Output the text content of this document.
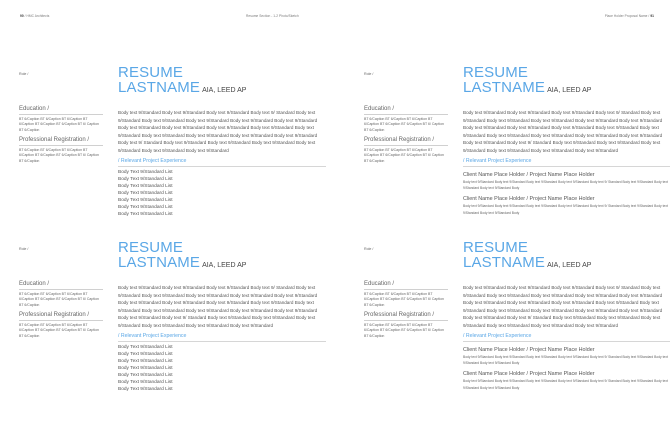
90 / HMC Architects	Resume Section - 1-2 Photo/Sketch	Place Holder Proposal Name / 91
Role /
Education /
BT 6/Caption BT 6/Caption BT 6/Caption BT 6/Caption BT 6/Caption BT 6/Caption BT 6/ Caption BT 6/Caption
Professional Registration /
BT 6/Caption BT 6/Caption BT 6/Caption BT 6/Caption BT 6/Caption BT 6/Caption BT 6/ Caption BT 6/Caption
RESUME
LASTNAME AIA, LEED AP
Body text 9/Standard Body text 9/Standard Body text 9/Standard Body text 9/ Standard Body text 9/Standard Body text 9/Standard Body text 9/Standard Body text 9/Standard Body text 9/Standard Body text 9/Standard Body text 9/Standard Body text 9/Standard Body text 9/Standard Body text 9/Standard Body text 9/Standard Body text 9/Standard Body text 9/Standard Body text 9/Standard Body text 9/ Standard Body text 9/Standard Body text 9/Standard Body text 9/Standard Body text 9/Standard Body text 9/Standard Body text 9/Standard
/ Relevant Project Experience
Body Text 9/Standard List
Body Text 9/Standard List
Body Text 9/Standard List
Body Text 9/Standard List
Body Text 9/Standard List
Body Text 9/Standard List
Body Text 9/Standard List
Role /
Education /
BT 6/Caption BT 6/Caption BT 6/Caption BT 6/Caption BT 6/Caption BT 6/Caption BT 6/ Caption BT 6/Caption
Professional Registration /
BT 6/Caption BT 6/Caption BT 6/Caption BT 6/Caption BT 6/Caption BT 6/Caption BT 6/ Caption BT 6/Caption
RESUME
LASTNAME AIA, LEED AP
Body text 9/Standard Body text 9/Standard Body text 9/Standard Body text 9/ Standard Body text 9/Standard Body text 9/Standard Body text 9/Standard Body text 9/Standard Body text 9/Standard Body text 9/Standard Body text 9/Standard Body text 9/Standard Body text 9/Standard Body text 9/Standard Body text 9/Standard Body text 9/Standard Body text 9/Standard Body text 9/Standard Body text 9/Standard Body text 9/ Standard Body text 9/Standard Body text 9/Standard Body text 9/Standard Body text 9/Standard Body text 9/Standard Body text 9/Standard
/ Relevant Project Experience
Client Name Place Holder / Project Name Place Holder
Body text 9/Standard Body text 9/Standard Body text 9/Standard Body text 9/Standard Body text 9/ Standard Body text 9/Standard Body text 9/Standard Body text 9/Standard Body
Client Name Place Holder / Project Name Place Holder
Body text 9/Standard Body text 9/Standard Body text 9/Standard Body text 9/Standard Body text 9/ Standard Body text 9/Standard Body text 9/Standard Body text 9/Standard Body
Role /
Education /
BT 6/Caption BT 6/Caption BT 6/Caption BT 6/Caption BT 6/Caption BT 6/Caption BT 6/ Caption BT 6/Caption
Professional Registration /
BT 6/Caption BT 6/Caption BT 6/Caption BT 6/Caption BT 6/Caption BT 6/Caption BT 6/ Caption BT 6/Caption
RESUME
LASTNAME AIA, LEED AP
Body text 9/Standard Body text 9/Standard Body text 9/Standard Body text 9/ Standard Body text 9/Standard Body text 9/Standard Body text 9/Standard Body text 9/Standard Body text 9/Standard Body text 9/Standard Body text 9/Standard Body text 9/Standard Body text 9/Standard Body text 9/Standard Body text 9/Standard Body text 9/Standard Body text 9/Standard Body text 9/Standard Body text 9/Standard Body text 9/ Standard Body text 9/Standard Body text 9/Standard Body text 9/Standard Body text 9/Standard Body text 9/Standard Body text 9/Standard
/ Relevant Project Experience
Body Text 9/Standard List
Body Text 9/Standard List
Body Text 9/Standard List
Body Text 9/Standard List
Body Text 9/Standard List
Body Text 9/Standard List
Body Text 9/Standard List
Role /
Education /
BT 6/Caption BT 6/Caption BT 6/Caption BT 6/Caption BT 6/Caption BT 6/Caption BT 6/ Caption BT 6/Caption
Professional Registration /
BT 6/Caption BT 6/Caption BT 6/Caption BT 6/Caption BT 6/Caption BT 6/Caption BT 6/ Caption BT 6/Caption
RESUME
LASTNAME AIA, LEED AP
Body text 9/Standard Body text 9/Standard Body text 9/Standard Body text 9/ Standard Body text 9/Standard Body text 9/Standard Body text 9/Standard Body text 9/Standard Body text 9/Standard Body text 9/Standard Body text 9/Standard Body text 9/Standard Body text 9/Standard Body text 9/Standard Body text 9/Standard Body text 9/Standard Body text 9/Standard Body text 9/Standard Body text 9/Standard Body text 9/ Standard Body text 9/Standard Body text 9/Standard Body text 9/Standard Body text 9/Standard Body text 9/Standard Body text 9/Standard
/ Relevant Project Experience
Client Name Place Holder / Project Name Place Holder
Body text 9/Standard Body text 9/Standard Body text 9/Standard Body text 9/Standard Body text 9/ Standard Body text 9/Standard Body text 9/Standard Body text 9/Standard Body
Client Name Place Holder / Project Name Place Holder
Body text 9/Standard Body text 9/Standard Body text 9/Standard Body text 9/Standard Body text 9/ Standard Body text 9/Standard Body text 9/Standard Body text 9/Standard Body
